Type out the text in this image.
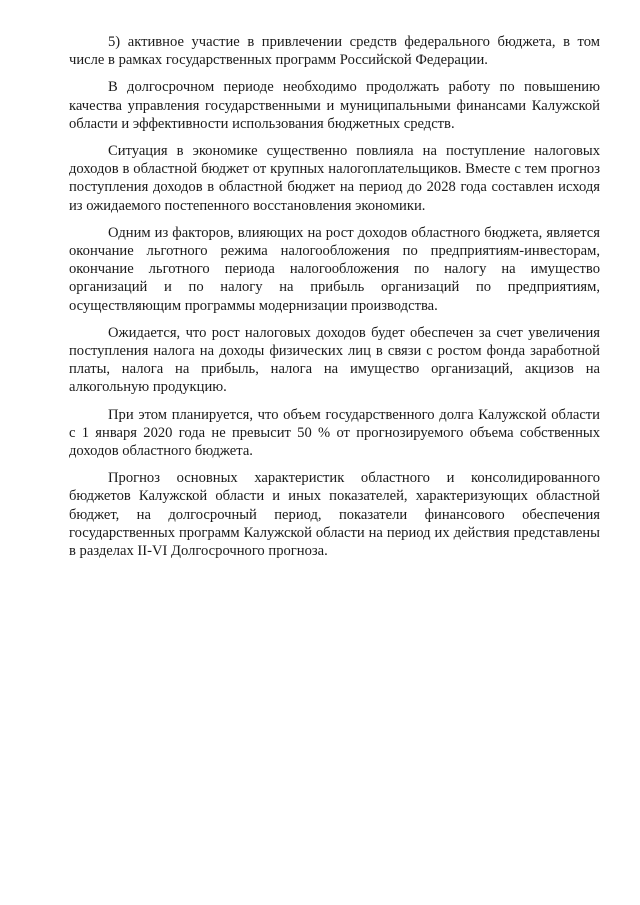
5) активное участие в привлечении средств федерального бюджета, в том числе в рамках государственных программ Российской Федерации.

В долгосрочном периоде необходимо продолжать работу по повышению качества управления государственными и муниципальными финансами Калужской области и эффективности использования бюджетных средств.

Ситуация в экономике существенно повлияла на поступление налоговых доходов в областной бюджет от крупных налогоплательщиков. Вместе с тем прогноз поступления доходов в областной бюджет на период до 2028 года составлен исходя из ожидаемого постепенного восстановления экономики.

Одним из факторов, влияющих на рост доходов областного бюджета, является окончание льготного режима налогообложения по предприятиям-инвесторам, окончание льготного периода налогообложения по налогу на имущество организаций и по налогу на прибыль организаций по предприятиям, осуществляющим программы модернизации производства.

Ожидается, что рост налоговых доходов будет обеспечен за счет увеличения поступления налога на доходы физических лиц в связи с ростом фонда заработной платы, налога на прибыль, налога на имущество организаций, акцизов на алкогольную продукцию.

При этом планируется, что объем государственного долга Калужской области с 1 января 2020 года не превысит 50 % от прогнозируемого объема собственных доходов областного бюджета.

Прогноз основных характеристик областного и консолидированного бюджетов Калужской области и иных показателей, характеризующих областной бюджет, на долгосрочный период, показатели финансового обеспечения государственных программ Калужской области на период их действия представлены в разделах II-VI Долгосрочного прогноза.
